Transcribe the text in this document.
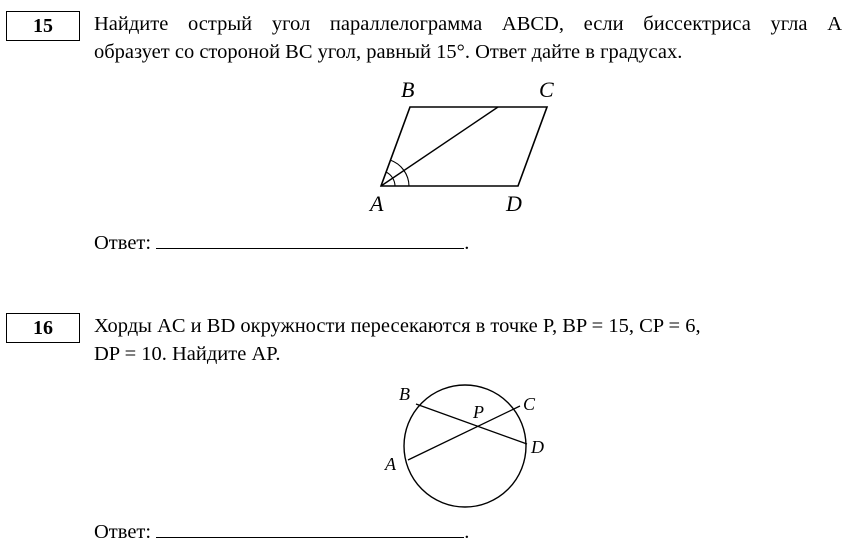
15 Найдите острый угол параллелограмма ABCD, если биссектриса угла A
образует со стороной BC угол, равный 15°. Ответ дайте в градусах.
B	C
A	D
Ответ:	.
16 Хорды AC и BD окружности пересекаются в точке P, BP = 15, CP = 6,
DP = 10. Найдите AP.
B	C
P
A
D
Ответ:	.
